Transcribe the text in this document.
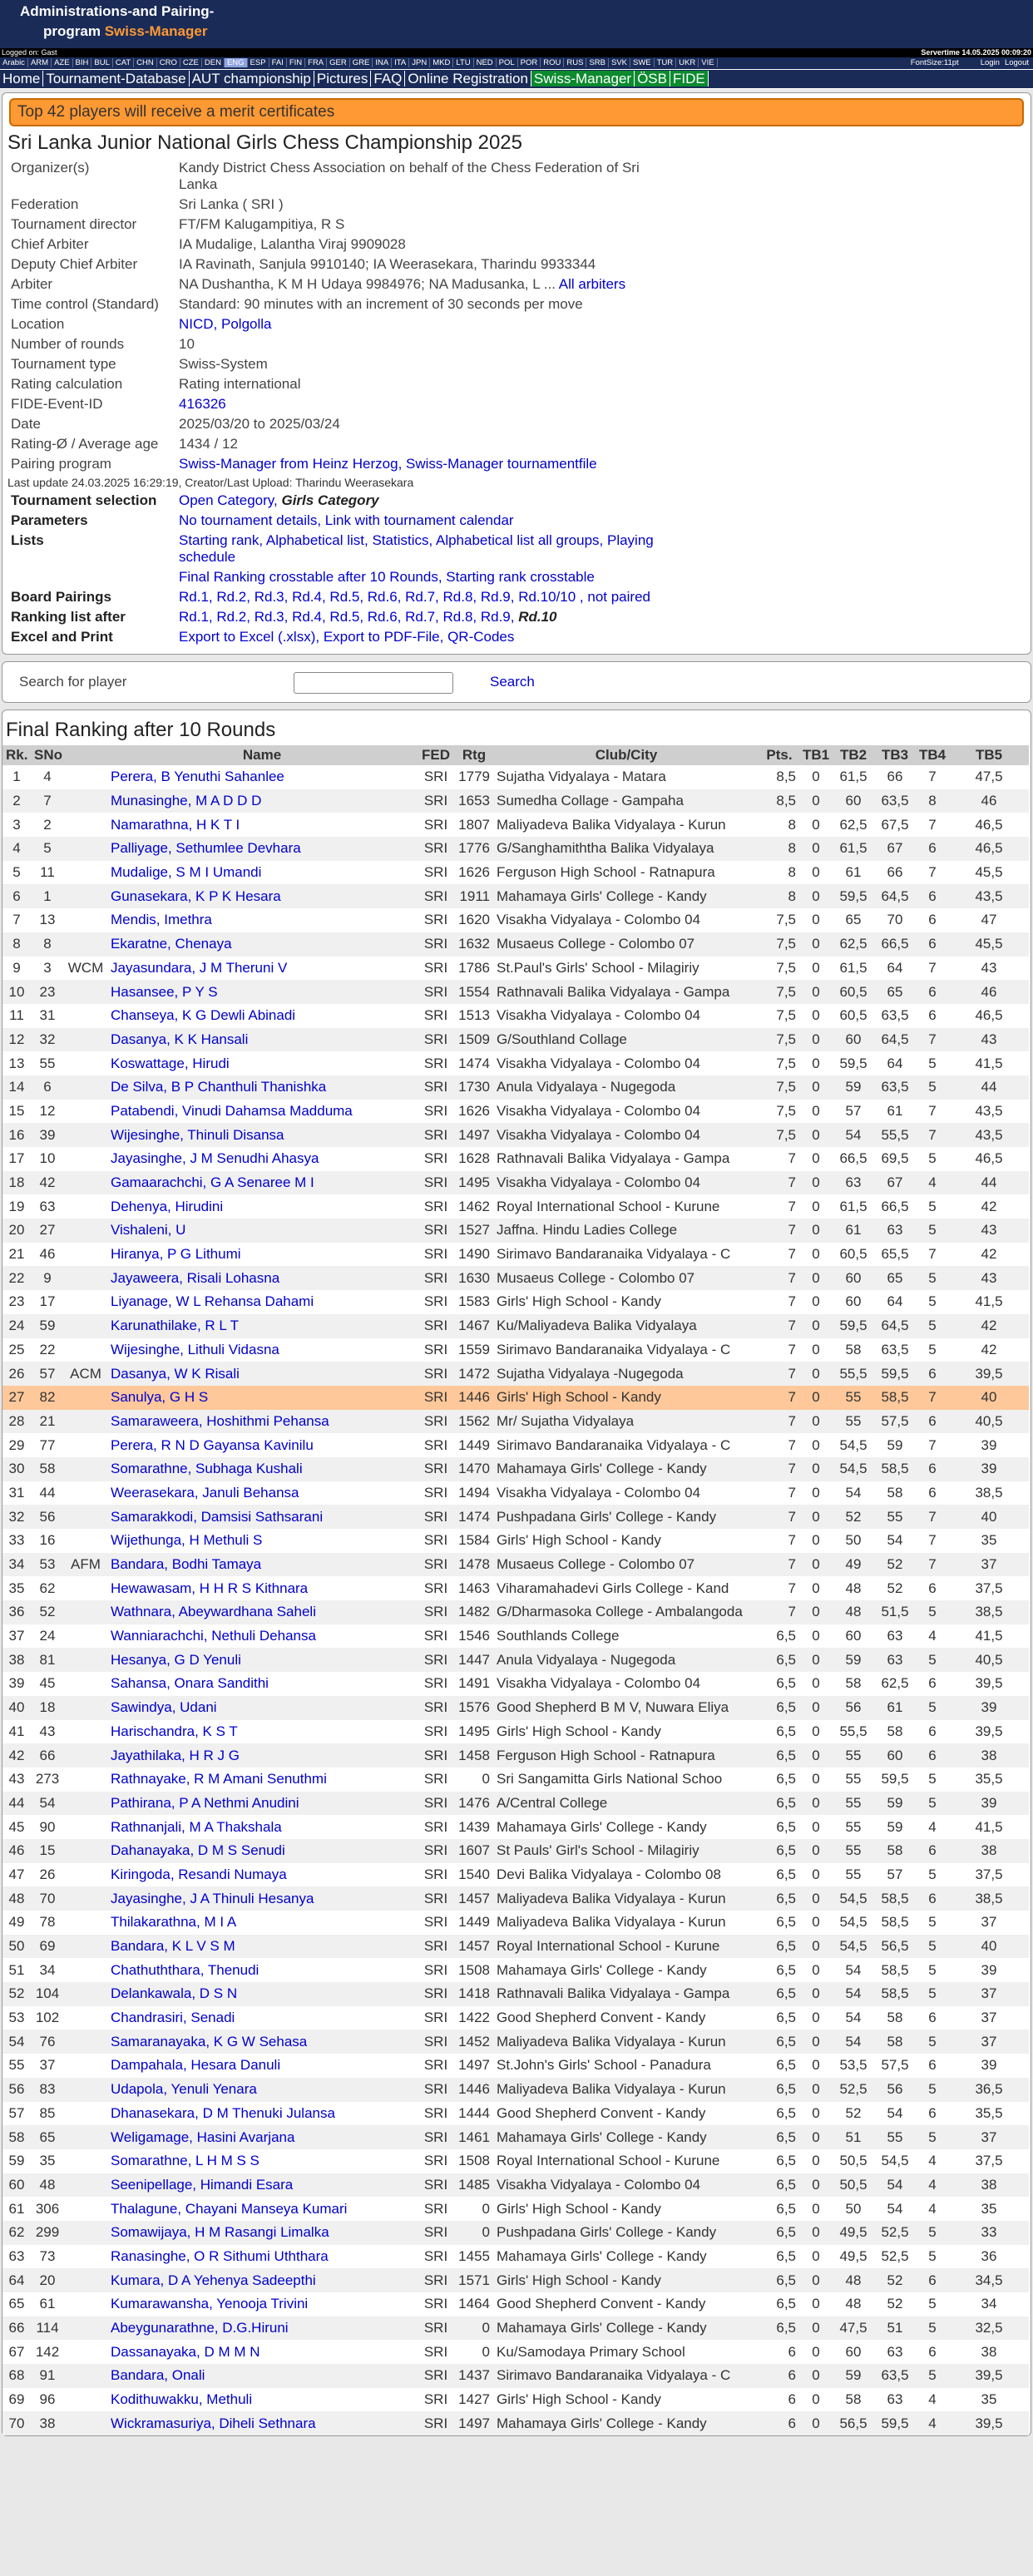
Administrations-and Pairing-
program Swiss-Manager
Logged on: Gast	Servertime 14.05.2025 00:09:20
Arabic ARM AZE BIH BUL CAT CHN CRO CZE DEN ENG ESP FAI FIN FRA GER GRE INA ITA JPN MKD LTU NED POL POR ROU RUS SRB SVK SWE TUR UKR VIE	FontSize:11pt	Login Logout
Home Tournament-Database AUT championship Pictures FAQ Online Registration Swiss-Manager ÖSB FIDE
Top 42 players will receive a merit certificates
Sri Lanka Junior National Girls Chess Championship 2025
Organizer(s)	Kandy District Chess Association on behalf of the Chess Federation of Sri Lanka
Federation	Sri Lanka ( SRI )
Tournament director	FT/FM Kalugampitiya, R S
Chief Arbiter	IA Mudalige, Lalantha Viraj 9909028
Deputy Chief Arbiter	IA Ravinath, Sanjula 9910140; IA Weerasekara, Tharindu 9933344
Arbiter	NA Dushantha, K M H Udaya 9984976; NA Madusanka, L ... All arbiters
Time control (Standard)	Standard: 90 minutes with an increment of 30 seconds per move
Location	NICD, Polgolla
Number of rounds	10
Tournament type	Swiss-System
Rating calculation	Rating international
FIDE-Event-ID	416326
Date	2025/03/20 to 2025/03/24
Rating-Ø / Average age	1434 / 12
Pairing program	Swiss-Manager from Heinz Herzog, Swiss-Manager tournamentfile
Last update 24.03.2025 16:29:19, Creator/Last Upload: Tharindu Weerasekara
Tournament selection	Open Category, Girls Category
Parameters	No tournament details, Link with tournament calendar
Lists	Starting rank, Alphabetical list, Statistics, Alphabetical list all groups, Playing schedule
	Final Ranking crosstable after 10 Rounds, Starting rank crosstable
Board Pairings	Rd.1, Rd.2, Rd.3, Rd.4, Rd.5, Rd.6, Rd.7, Rd.8, Rd.9, Rd.10/10 , not paired
Ranking list after	Rd.1, Rd.2, Rd.3, Rd.4, Rd.5, Rd.6, Rd.7, Rd.8, Rd.9, Rd.10
Excel and Print	Export to Excel (.xlsx), Export to PDF-File, QR-Codes
Search for player	Search
Final Ranking after 10 Rounds
Rk.	SNo		Name	FED	Rtg	Club/City	Pts.	TB1	TB2	TB3	TB4	TB5
1	4		Perera, B Yenuthi Sahanlee	SRI	1779	Sujatha Vidyalaya - Matara	8,5	0	61,5	66	7	47,5
2	7		Munasinghe, M A D D D	SRI	1653	Sumedha Collage - Gampaha	8,5	0	60	63,5	8	46
3	2		Namarathna, H K T I	SRI	1807	Maliyadeva Balika Vidyalaya - Kurun	8	0	62,5	67,5	7	46,5
4	5		Palliyage, Sethumlee Devhara	SRI	1776	G/Sanghamiththa Balika Vidyalaya	8	0	61,5	67	6	46,5
5	11		Mudalige, S M I Umandi	SRI	1626	Ferguson High School - Ratnapura	8	0	61	66	7	45,5
6	1		Gunasekara, K P K Hesara	SRI	1911	Mahamaya Girls' College - Kandy	8	0	59,5	64,5	6	43,5
7	13		Mendis, Imethra	SRI	1620	Visakha Vidyalaya - Colombo 04	7,5	0	65	70	6	47
8	8		Ekaratne, Chenaya	SRI	1632	Musaeus College - Colombo 07	7,5	0	62,5	66,5	6	45,5
9	3	WCM	Jayasundara, J M Theruni V	SRI	1786	St.Paul's Girls' School - Milagiriy	7,5	0	61,5	64	7	43
10	23		Hasansee, P Y S	SRI	1554	Rathnavali Balika Vidyalaya - Gampa	7,5	0	60,5	65	6	46
11	31		Chanseya, K G Dewli Abinadi	SRI	1513	Visakha Vidyalaya - Colombo 04	7,5	0	60,5	63,5	6	46,5
12	32		Dasanya, K K Hansali	SRI	1509	G/Southland Collage	7,5	0	60	64,5	7	43
13	55		Koswattage, Hirudi	SRI	1474	Visakha Vidyalaya - Colombo 04	7,5	0	59,5	64	5	41,5
14	6		De Silva, B P Chanthuli Thanishka	SRI	1730	Anula Vidyalaya - Nugegoda	7,5	0	59	63,5	5	44
15	12		Patabendi, Vinudi Dahamsa Madduma	SRI	1626	Visakha Vidyalaya - Colombo 04	7,5	0	57	61	7	43,5
16	39		Wijesinghe, Thinuli Disansa	SRI	1497	Visakha Vidyalaya - Colombo 04	7,5	0	54	55,5	7	43,5
17	10		Jayasinghe, J M Senudhi Ahasya	SRI	1628	Rathnavali Balika Vidyalaya - Gampa	7	0	66,5	69,5	5	46,5
18	42		Gamaarachchi, G A Senaree M I	SRI	1495	Visakha Vidyalaya - Colombo 04	7	0	63	67	4	44
19	63		Dehenya, Hirudini	SRI	1462	Royal International School - Kurune	7	0	61,5	66,5	5	42
20	27		Vishaleni, U	SRI	1527	Jaffna. Hindu Ladies College	7	0	61	63	5	43
21	46		Hiranya, P G Lithumi	SRI	1490	Sirimavo Bandaranaika Vidyalaya - C	7	0	60,5	65,5	7	42
22	9		Jayaweera, Risali Lohasna	SRI	1630	Musaeus College - Colombo 07	7	0	60	65	5	43
23	17		Liyanage, W L Rehansa Dahami	SRI	1583	Girls' High School - Kandy	7	0	60	64	5	41,5
24	59		Karunathilake, R L T	SRI	1467	Ku/Maliyadeva Balika Vidyalaya	7	0	59,5	64,5	5	42
25	22		Wijesinghe, Lithuli Vidasna	SRI	1559	Sirimavo Bandaranaika Vidyalaya - C	7	0	58	63,5	5	42
26	57	ACM	Dasanya, W K Risali	SRI	1472	Sujatha Vidyalaya -Nugegoda	7	0	55,5	59,5	6	39,5
27	82		Sanulya, G H S	SRI	1446	Girls' High School - Kandy	7	0	55	58,5	7	40
28	21		Samaraweera, Hoshithmi Pehansa	SRI	1562	Mr/ Sujatha Vidyalaya	7	0	55	57,5	6	40,5
29	77		Perera, R N D Gayansa Kavinilu	SRI	1449	Sirimavo Bandaranaika Vidyalaya - C	7	0	54,5	59	7	39
30	58		Somarathne, Subhaga Kushali	SRI	1470	Mahamaya Girls' College - Kandy	7	0	54,5	58,5	6	39
31	44		Weerasekara, Januli Behansa	SRI	1494	Visakha Vidyalaya - Colombo 04	7	0	54	58	6	38,5
32	56		Samarakkodi, Damsisi Sathsarani	SRI	1474	Pushpadana Girls' College - Kandy	7	0	52	55	7	40
33	16		Wijethunga, H Methuli S	SRI	1584	Girls' High School - Kandy	7	0	50	54	7	35
34	53	AFM	Bandara, Bodhi Tamaya	SRI	1478	Musaeus College - Colombo 07	7	0	49	52	7	37
35	62		Hewawasam, H H R S Kithnara	SRI	1463	Viharamahadevi Girls College - Kand	7	0	48	52	6	37,5
36	52		Wathnara, Abeywardhana Saheli	SRI	1482	G/Dharmasoka College - Ambalangoda	7	0	48	51,5	5	38,5
37	24		Wanniarachchi, Nethuli Dehansa	SRI	1546	Southlands College	6,5	0	60	63	4	41,5
38	81		Hesanya, G D Yenuli	SRI	1447	Anula Vidyalaya - Nugegoda	6,5	0	59	63	5	40,5
39	45		Sahansa, Onara Sandithi	SRI	1491	Visakha Vidyalaya - Colombo 04	6,5	0	58	62,5	6	39,5
40	18		Sawindya, Udani	SRI	1576	Good Shepherd B M V, Nuwara Eliya	6,5	0	56	61	5	39
41	43		Harischandra, K S T	SRI	1495	Girls' High School - Kandy	6,5	0	55,5	58	6	39,5
42	66		Jayathilaka, H R J G	SRI	1458	Ferguson High School - Ratnapura	6,5	0	55	60	6	38
43	273		Rathnayake, R M Amani Senuthmi	SRI	0	Sri Sangamitta Girls National Schoo	6,5	0	55	59,5	5	35,5
44	54		Pathirana, P A Nethmi Anudini	SRI	1476	A/Central College	6,5	0	55	59	5	39
45	90		Rathnanjali, M A Thakshala	SRI	1439	Mahamaya Girls' College - Kandy	6,5	0	55	59	4	41,5
46	15		Dahanayaka, D M S Senudi	SRI	1607	St Pauls' Girl's School - Milagiriy	6,5	0	55	58	6	38
47	26		Kiringoda, Resandi Numaya	SRI	1540	Devi Balika Vidyalaya - Colombo 08	6,5	0	55	57	5	37,5
48	70		Jayasinghe, J A Thinuli Hesanya	SRI	1457	Maliyadeva Balika Vidyalaya - Kurun	6,5	0	54,5	58,5	6	38,5
49	78		Thilakarathna, M I A	SRI	1449	Maliyadeva Balika Vidyalaya - Kurun	6,5	0	54,5	58,5	5	37
50	69		Bandara, K L V S M	SRI	1457	Royal International School - Kurune	6,5	0	54,5	56,5	5	40
51	34		Chathuththara, Thenudi	SRI	1508	Mahamaya Girls' College - Kandy	6,5	0	54	58,5	5	39
52	104		Delankawala, D S N	SRI	1418	Rathnavali Balika Vidyalaya - Gampa	6,5	0	54	58,5	5	37
53	102		Chandrasiri, Senadi	SRI	1422	Good Shepherd Convent - Kandy	6,5	0	54	58	6	37
54	76		Samaranayaka, K G W Sehasa	SRI	1452	Maliyadeva Balika Vidyalaya - Kurun	6,5	0	54	58	5	37
55	37		Dampahala, Hesara Danuli	SRI	1497	St.John's Girls' School - Panadura	6,5	0	53,5	57,5	6	39
56	83		Udapola, Yenuli Yenara	SRI	1446	Maliyadeva Balika Vidyalaya - Kurun	6,5	0	52,5	56	5	36,5
57	85		Dhanasekara, D M Thenuki Julansa	SRI	1444	Good Shepherd Convent - Kandy	6,5	0	52	54	6	35,5
58	65		Weligamage, Hasini Avarjana	SRI	1461	Mahamaya Girls' College - Kandy	6,5	0	51	55	5	37
59	35		Somarathne, L H M S S	SRI	1508	Royal International School - Kurune	6,5	0	50,5	54,5	4	37,5
60	48		Seenipellage, Himandi Esara	SRI	1485	Visakha Vidyalaya - Colombo 04	6,5	0	50,5	54	4	38
61	306		Thalagune, Chayani Manseya Kumari	SRI	0	Girls' High School - Kandy	6,5	0	50	54	4	35
62	299		Somawijaya, H M Rasangi Limalka	SRI	0	Pushpadana Girls' College - Kandy	6,5	0	49,5	52,5	5	33
63	73		Ranasinghe, O R Sithumi Uththara	SRI	1455	Mahamaya Girls' College - Kandy	6,5	0	49,5	52,5	5	36
64	20		Kumara, D A Yehenya Sadeepthi	SRI	1571	Girls' High School - Kandy	6,5	0	48	52	6	34,5
65	61		Kumarawansha, Yenooja Trivini	SRI	1464	Good Shepherd Convent - Kandy	6,5	0	48	52	5	34
66	114		Abeygunarathne, D.G.Hiruni	SRI	0	Mahamaya Girls' College - Kandy	6,5	0	47,5	51	5	32,5
67	142		Dassanayaka, D M M N	SRI	0	Ku/Samodaya Primary School	6	0	60	63	6	38
68	91		Bandara, Onali	SRI	1437	Sirimavo Bandaranaika Vidyalaya - C	6	0	59	63,5	5	39,5
69	96		Kodithuwakku, Methuli	SRI	1427	Girls' High School - Kandy	6	0	58	63	4	35
70	38		Wickramasuriya, Diheli Sethnara	SRI	1497	Mahamaya Girls' College - Kandy	6	0	56,5	59,5	4	39,5
